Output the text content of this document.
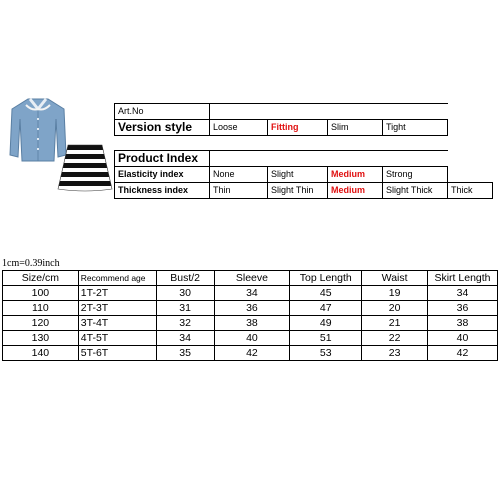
Art.No					
Version style	Loose	Fitting	Slim	Tight	

Product Index					
Elasticity index	None	Slight	Medium	Strong	
Thickness index	Thin	Slight Thin	Medium	Slight Thick	Thick
1cm=0.39inch
Size/cm	Recommend age	Bust/2	Sleeve	Top Length	Waist	Skirt Length
100	1T-2T	30	34	45	19	34
110	2T-3T	31	36	47	20	36
120	3T-4T	32	38	49	21	38
130	4T-5T	34	40	51	22	40
140	5T-6T	35	42	53	23	42
